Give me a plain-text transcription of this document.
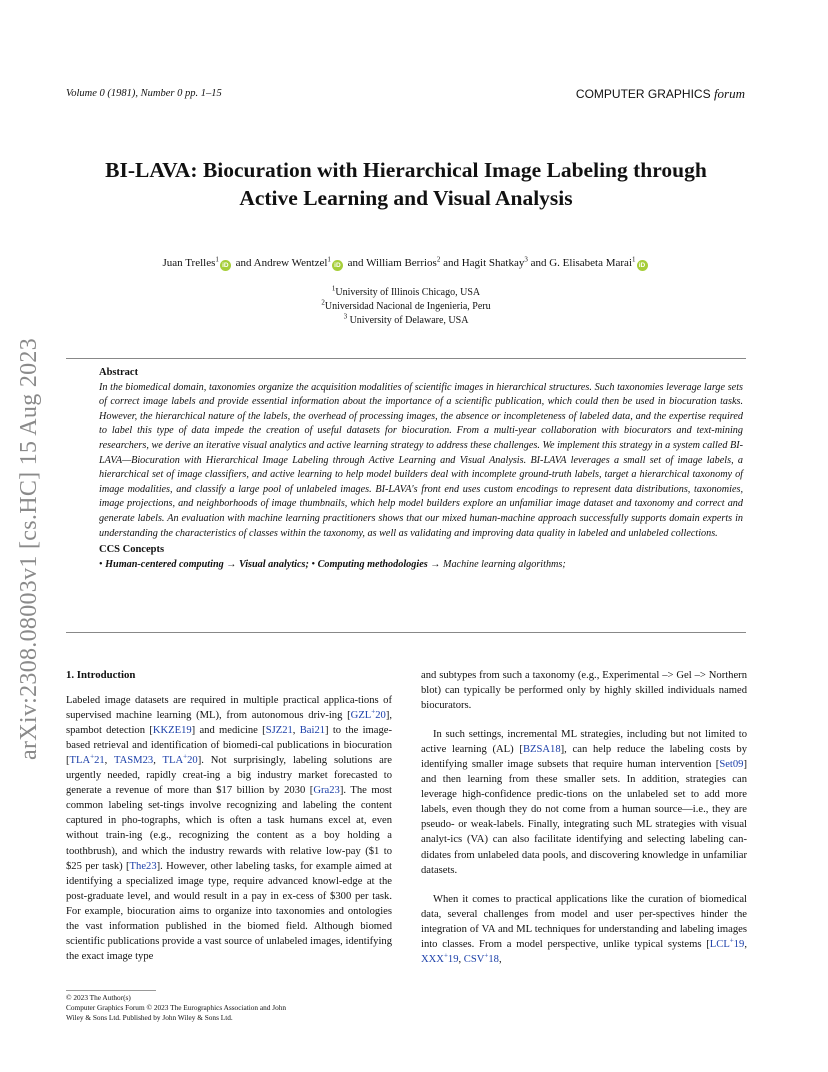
arXiv:2308.08003v1 [cs.HC] 15 Aug 2023
Volume 0 (1981), Number 0 pp. 1–15	COMPUTER GRAPHICS forum
BI-LAVA: Biocuration with Hierarchical Image Labeling through
Active Learning and Visual Analysis
Juan Trelles$^1$iD and Andrew Wentzel$^1$iD and William Berrios$^2$ and Hagit Shatkay$^3$ and G. Elisabeta Marai$^1$iD
$^1$University of Illinois Chicago, USA
$^2$Universidad Nacional de Ingenieria, Peru
$^3$ University of Delaware, USA
Abstract

In the biomedical domain, taxonomies organize the acquisition modalities of scientific images in hierarchical structures. Such taxonomies leverage large sets of correct image labels and provide essential information about the importance of a scientific publication, which could then be used in biocuration tasks. However, the hierarchical nature of the labels, the overhead of processing images, the absence or incompleteness of labeled data, and the expertise required to label this type of data impede the creation of useful datasets for biocuration. From a multi-year collaboration with biocurators and text-mining researchers, we derive an iterative visual analytics and active learning strategy to address these challenges. We implement this strategy in a system called BI-LAVA—Biocuration with Hierarchical Image Labeling through Active Learning and Visual Analysis. BI-LAVA leverages a small set of image labels, a hierarchical set of image classifiers, and active learning to help model builders deal with incomplete ground-truth labels, target a hierarchical taxonomy of image modalities, and classify a large pool of unlabeled images. BI-LAVA's front end uses custom encodings to represent data distributions, taxonomies, image projections, and neighborhoods of image thumbnails, which help model builders explore an unfamiliar image dataset and taxonomy and correct and generate labels. An evaluation with machine learning practitioners shows that our mixed human-machine approach successfully supports domain experts in understanding the characteristics of classes within the taxonomy, as well as validating and improving data quality in labeled and unlabeled collections.

CCS Concepts
• Human-centered computing → Visual analytics; • Computing methodologies → Machine learning algorithms;
1. Introduction

Labeled image datasets are required in multiple practical applica-tions of supervised machine learning (ML), from autonomous driv-ing [GZL+20], spambot detection [KKZE19] and medicine [SJZ21, Bai21] to the image-based retrieval and identification of biomedi-cal publications in biocuration [TLA+21, TASM23, TLA+20]. Not surprisingly, labeling solutions are urgently needed, rapidly creat-ing a big industry market forecasted to generate a revenue of more than $17 billion by 2030 [Gra23]. The most common labeling set-tings involve recognizing and labeling the content captured in pho-tographs, which is often a task humans excel at, even without train-ing (e.g., recognizing the content as a boy holding a toothbrush), and which the industry rewards with relative low-pay ($1 to $25 per task) [The23]. However, other labeling tasks, for example aimed at identifying a specialized image type, require advanced knowl-edge at the post-graduate level, and would result in a pay in ex-cess of $300 per task. For example, biocuration aims to organize into taxonomies and ontologies the vast information published in the biomed field. Although biomed scientific publications provide a vast source of unlabeled images, identifying the exact image type

and subtypes from such a taxonomy (e.g., Experimental –> Gel –> Northern blot) can typically be performed only by highly skilled individuals named biocurators.

In such settings, incremental ML strategies, including but not limited to active learning (AL) [BZSA18], can help reduce the labeling costs by identifying smaller image subsets that require human intervention [Set09] and then learning from these smaller sets. In addition, strategies can leverage high-confidence predic-tions on the unlabeled set to add more labels, even though they do not come from a human source—i.e., they are pseudo- or weak-labels. Finally, integrating such ML strategies with visual analyt-ics (VA) can also facilitate identifying and selecting labeling can-didates from unlabeled data pools, and discovering knowledge in unfamiliar datasets.

When it comes to practical applications like the curation of biomedical data, several challenges from model and user per-spectives hinder the integration of VA and ML techniques for understanding and labeling images into classes. From a model perspective, unlike typical systems [LCL+19, XXX+19, CSV+18,

© 2023 The Author(s)
Computer Graphics Forum © 2023 The Eurographics Association and John
Wiley & Sons Ltd. Published by John Wiley & Sons Ltd.
